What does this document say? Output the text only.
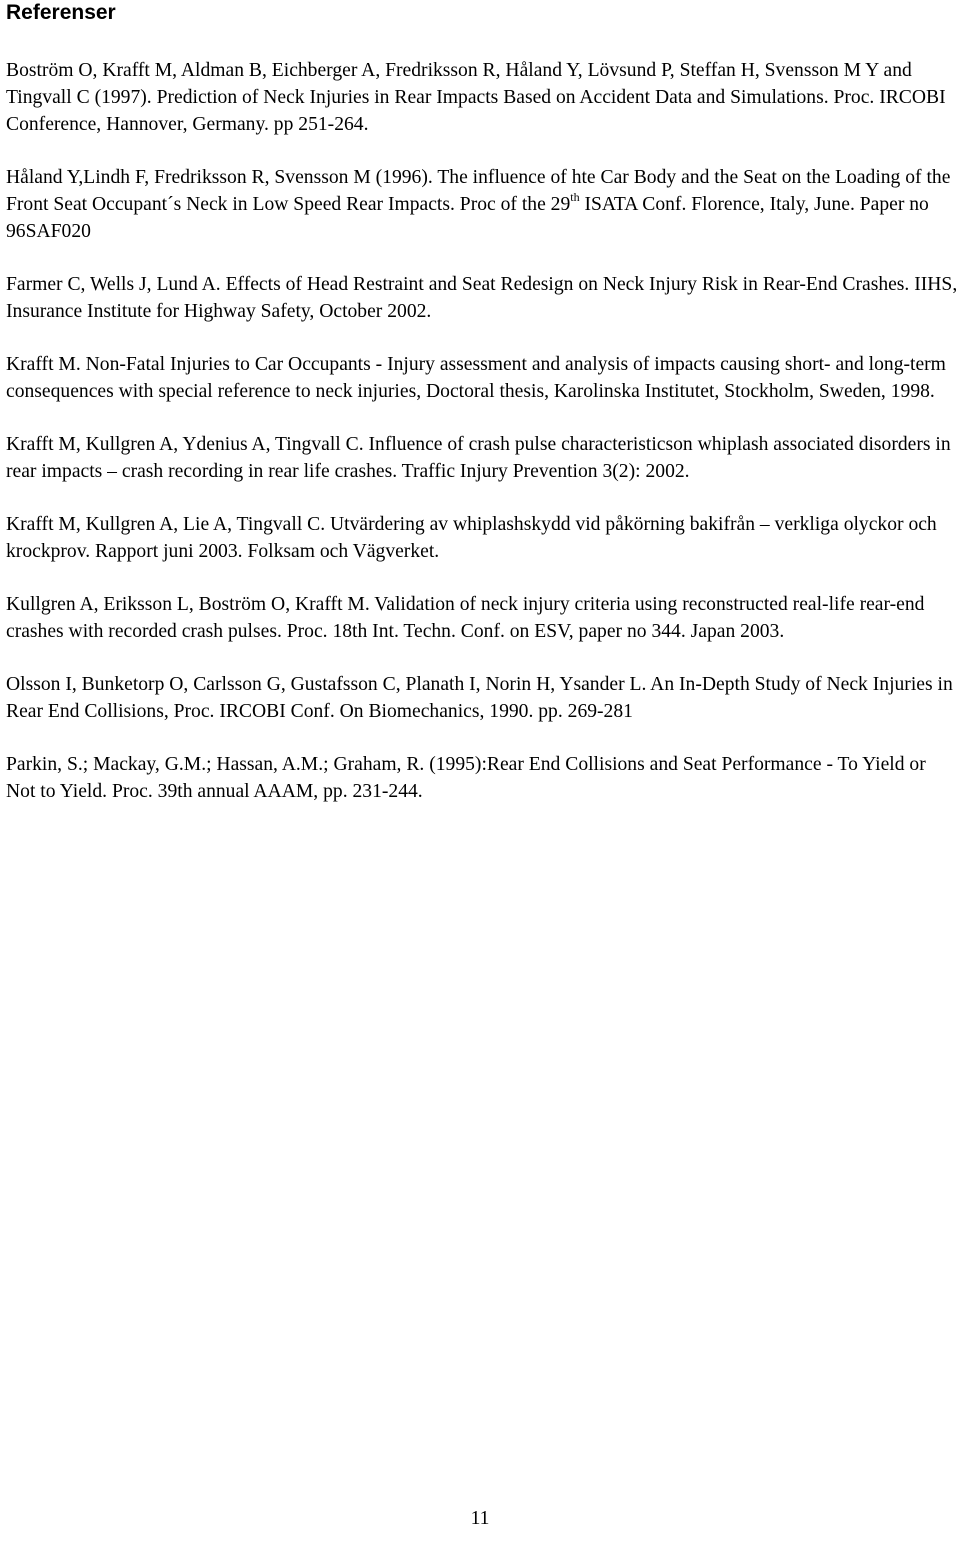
Referenser

Boström O, Krafft M, Aldman B, Eichberger A, Fredriksson R, Håland Y, Lövsund P, Steffan H, Svensson M Y and Tingvall C (1997). Prediction of Neck Injuries in Rear Impacts Based on Accident Data and Simulations. Proc. IRCOBI Conference, Hannover, Germany. pp 251-264.

Håland Y,Lindh F, Fredriksson R, Svensson M (1996). The influence of hte Car Body and the Seat on the Loading of the Front Seat Occupant´s Neck in Low Speed Rear Impacts. Proc of the 29th ISATA Conf. Florence, Italy, June. Paper no 96SAF020

Farmer C, Wells J, Lund A. Effects of Head Restraint and Seat Redesign on Neck Injury Risk in Rear-End Crashes. IIHS, Insurance Institute for Highway Safety, October 2002.

Krafft M. Non-Fatal Injuries to Car Occupants - Injury assessment and analysis of impacts causing short- and long-term consequences with special reference to neck injuries, Doctoral thesis, Karolinska Institutet, Stockholm, Sweden, 1998.

Krafft M, Kullgren A, Ydenius A, Tingvall C. Influence of crash pulse characteristicson whiplash associated disorders in rear impacts – crash recording in rear life crashes. Traffic Injury Prevention 3(2): 2002.

Krafft M, Kullgren A, Lie A, Tingvall C. Utvärdering av whiplashskydd vid påkörning bakifrån – verkliga olyckor och krockprov. Rapport juni 2003. Folksam och Vägverket.

Kullgren A, Eriksson L, Boström O, Krafft M. Validation of neck injury criteria using reconstructed real-life rear-end crashes with recorded crash pulses. Proc. 18th Int. Techn. Conf. on ESV, paper no 344. Japan 2003.

Olsson I, Bunketorp O, Carlsson G, Gustafsson C, Planath I, Norin H, Ysander L. An In-Depth Study of Neck Injuries in Rear End Collisions, Proc. IRCOBI Conf. On Biomechanics, 1990. pp. 269-281

Parkin, S.; Mackay, G.M.; Hassan, A.M.; Graham, R. (1995):Rear End Collisions and Seat Performance - To Yield or Not to Yield. Proc. 39th annual AAAM, pp. 231-244.

11
